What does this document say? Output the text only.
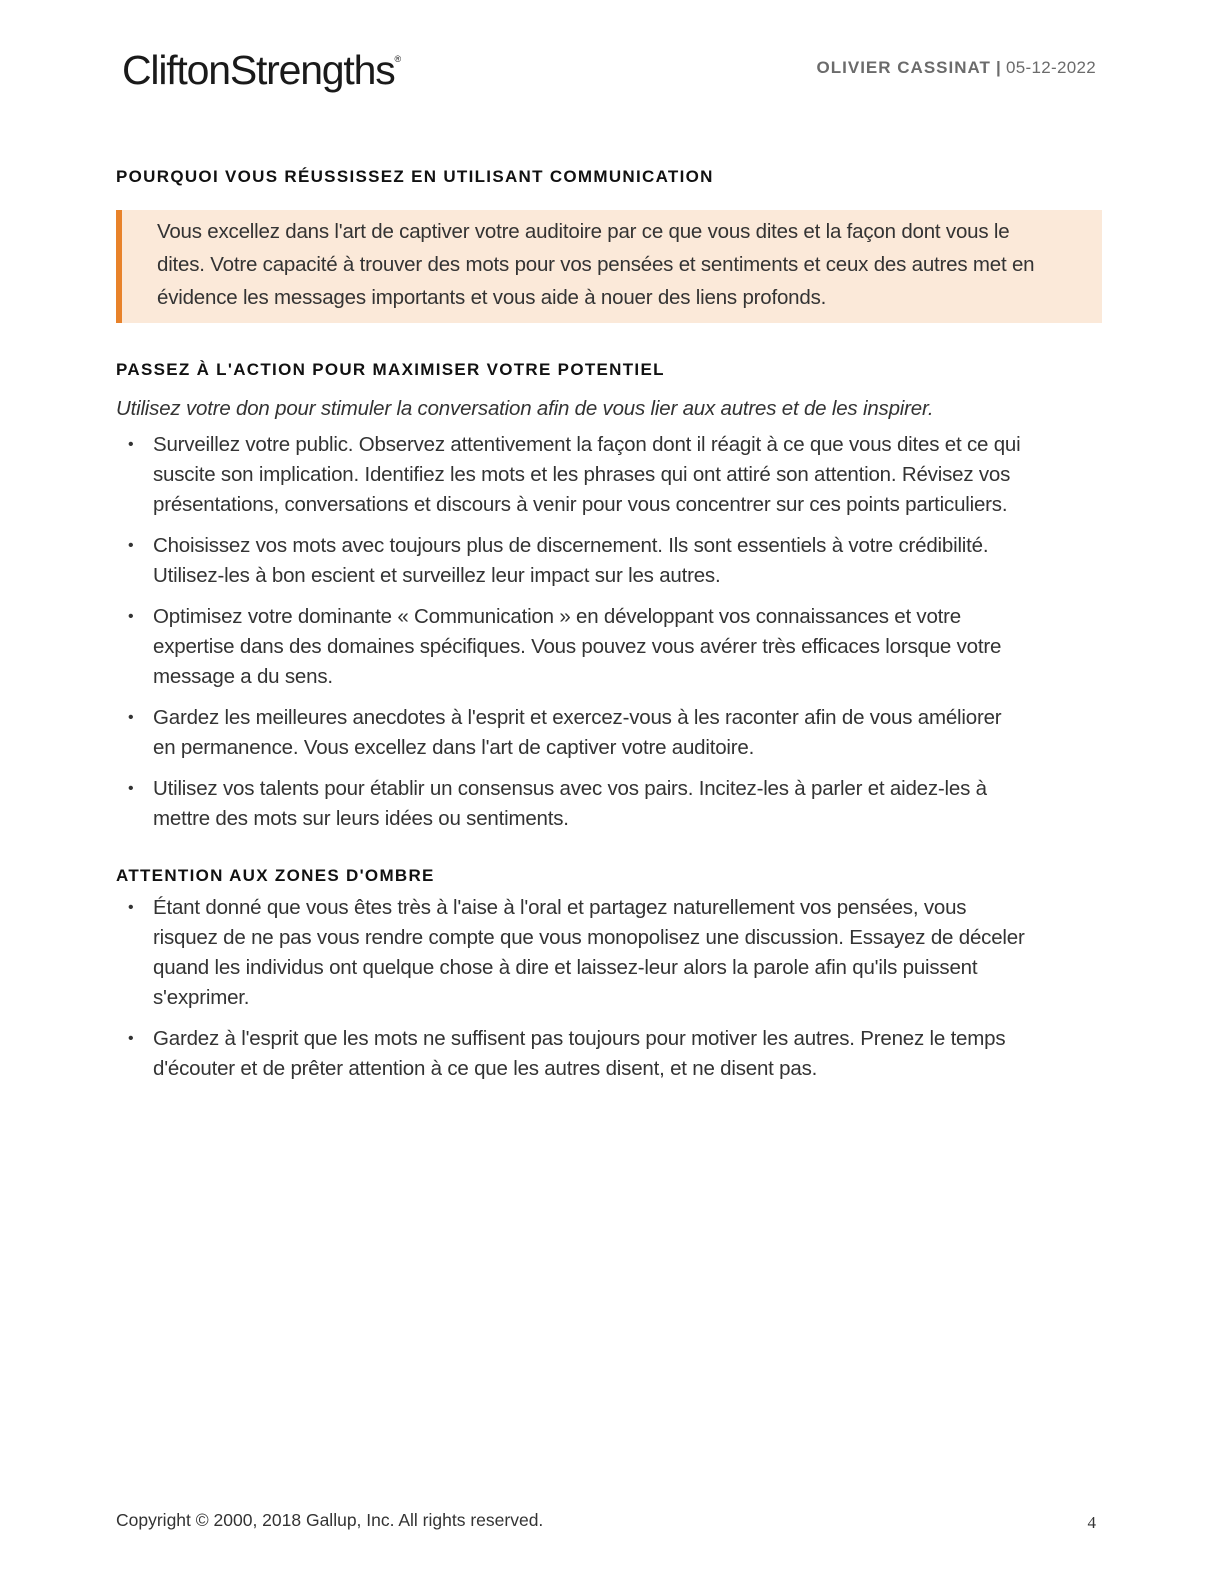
CliftonStrengths®	OLIVIER CASSINAT | 05-12-2022
POURQUOI VOUS RÉUSSISSEZ EN UTILISANT COMMUNICATION
Vous excellez dans l'art de captiver votre auditoire par ce que vous dites et la façon dont vous le dites. Votre capacité à trouver des mots pour vos pensées et sentiments et ceux des autres met en évidence les messages importants et vous aide à nouer des liens profonds.
PASSEZ À L'ACTION POUR MAXIMISER VOTRE POTENTIEL
Utilisez votre don pour stimuler la conversation afin de vous lier aux autres et de les inspirer.
• Surveillez votre public. Observez attentivement la façon dont il réagit à ce que vous dites et ce qui suscite son implication. Identifiez les mots et les phrases qui ont attiré son attention. Révisez vos présentations, conversations et discours à venir pour vous concentrer sur ces points particuliers.
• Choisissez vos mots avec toujours plus de discernement. Ils sont essentiels à votre crédibilité. Utilisez-les à bon escient et surveillez leur impact sur les autres.
• Optimisez votre dominante « Communication » en développant vos connaissances et votre expertise dans des domaines spécifiques. Vous pouvez vous avérer très efficaces lorsque votre message a du sens.
• Gardez les meilleures anecdotes à l'esprit et exercez-vous à les raconter afin de vous améliorer en permanence. Vous excellez dans l'art de captiver votre auditoire.
• Utilisez vos talents pour établir un consensus avec vos pairs. Incitez-les à parler et aidez-les à mettre des mots sur leurs idées ou sentiments.
ATTENTION AUX ZONES D'OMBRE
• Étant donné que vous êtes très à l'aise à l'oral et partagez naturellement vos pensées, vous risquez de ne pas vous rendre compte que vous monopolisez une discussion. Essayez de déceler quand les individus ont quelque chose à dire et laissez-leur alors la parole afin qu'ils puissent s'exprimer.
• Gardez à l'esprit que les mots ne suffisent pas toujours pour motiver les autres. Prenez le temps d'écouter et de prêter attention à ce que les autres disent, et ne disent pas.
Copyright © 2000, 2018 Gallup, Inc. All rights reserved.	4
